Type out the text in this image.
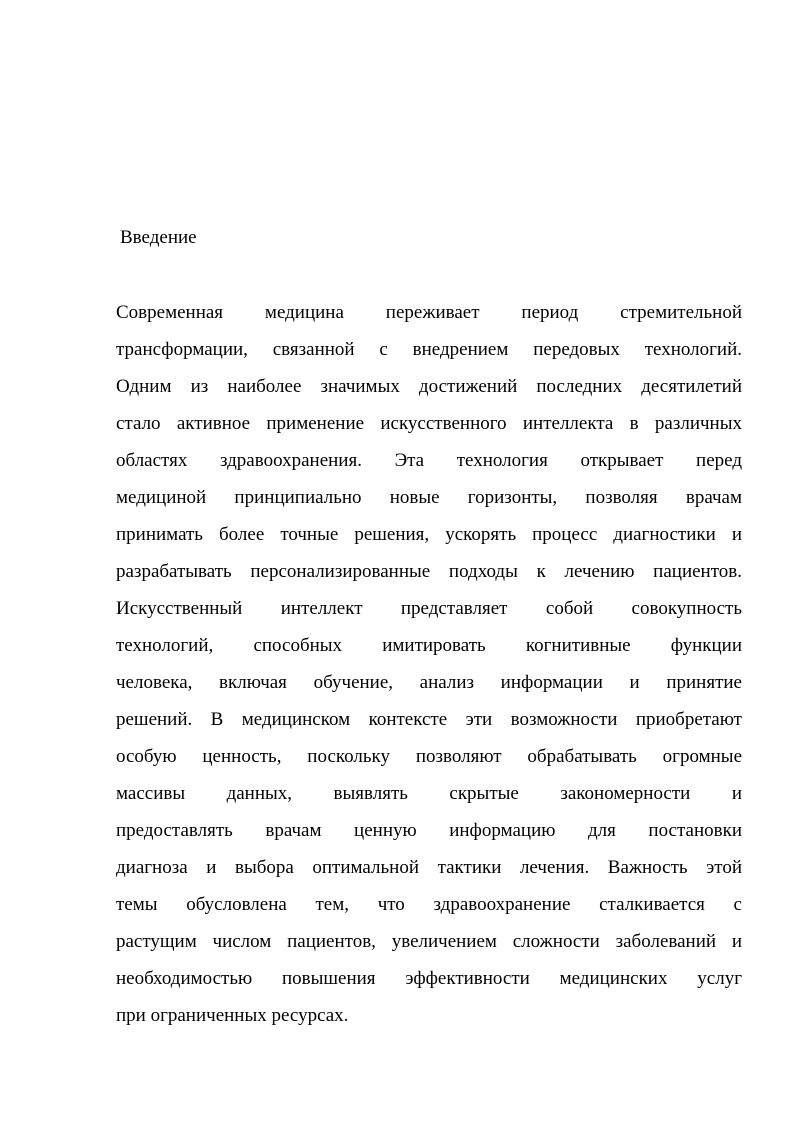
Введение
Современная медицина переживает период стремительной
трансформации, связанной с внедрением передовых технологий.
Одним из наиболее значимых достижений последних десятилетий
стало активное применение искусственного интеллекта в различных
областях здравоохранения. Эта технология открывает перед
медициной принципиально новые горизонты, позволяя врачам
принимать более точные решения, ускорять процесс диагностики и
разрабатывать персонализированные подходы к лечению пациентов.
Искусственный интеллект представляет собой совокупность
технологий, способных имитировать когнитивные функции
человека, включая обучение, анализ информации и принятие
решений. В медицинском контексте эти возможности приобретают
особую ценность, поскольку позволяют обрабатывать огромные
массивы данных, выявлять скрытые закономерности и
предоставлять врачам ценную информацию для постановки
диагноза и выбора оптимальной тактики лечения. Важность этой
темы обусловлена тем, что здравоохранение сталкивается с
растущим числом пациентов, увеличением сложности заболеваний и
необходимостью повышения эффективности медицинских услуг
при ограниченных ресурсах.
